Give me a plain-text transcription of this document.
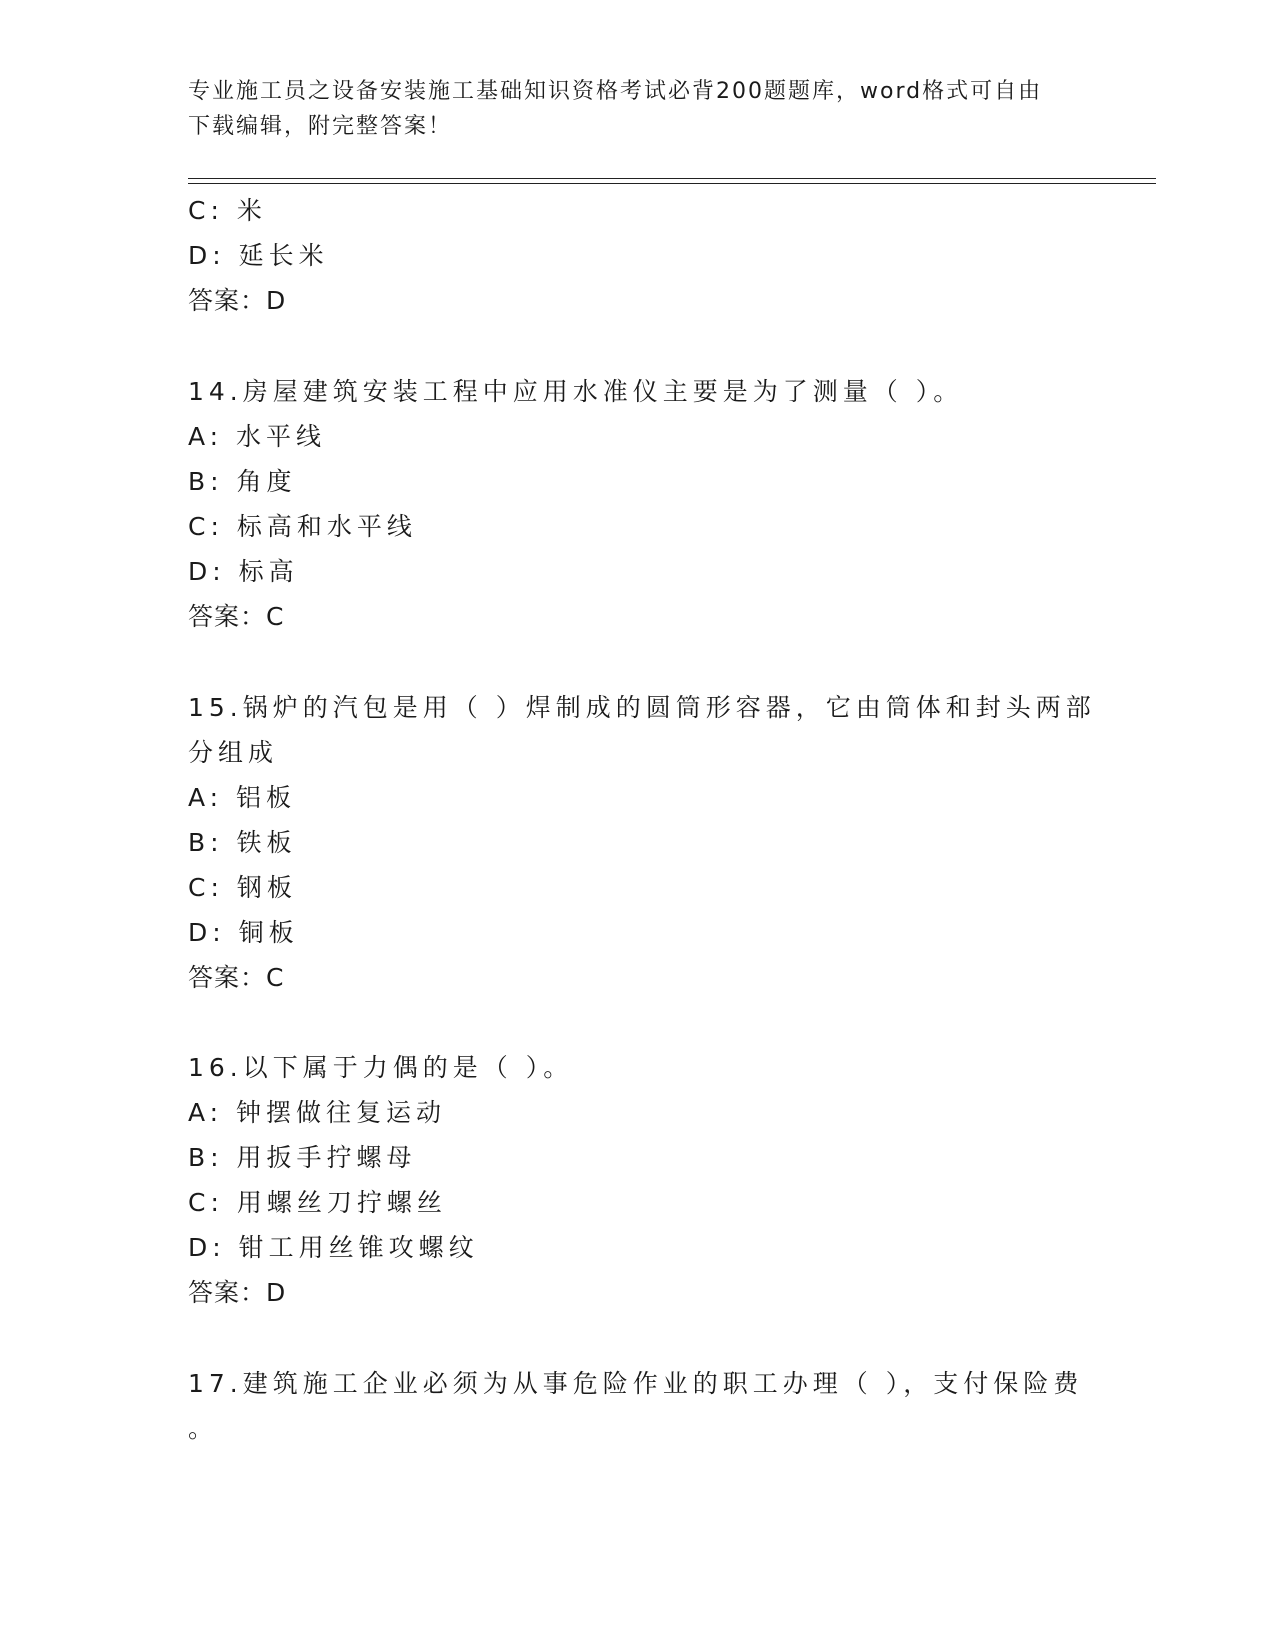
专业施工员之设备安装施工基础知识资格考试必背200题题库，word格式可自由
下载编辑，附完整答案！
C: 米
D: 延长米
答案：D
14.房屋建筑安装工程中应用水准仪主要是为了测量（ ）。
A: 水平线
B: 角度
C: 标高和水平线
D: 标高
答案：C
15.锅炉的汽包是用（ ）焊制成的圆筒形容器，它由筒体和封头两部
分组成
A: 铝板
B: 铁板
C: 钢板
D: 铜板
答案：C
16.以下属于力偶的是（ ）。
A: 钟摆做往复运动
B: 用扳手拧螺母
C: 用螺丝刀拧螺丝
D: 钳工用丝锥攻螺纹
答案：D
17.建筑施工企业必须为从事危险作业的职工办理（ ），支付保险费
。
